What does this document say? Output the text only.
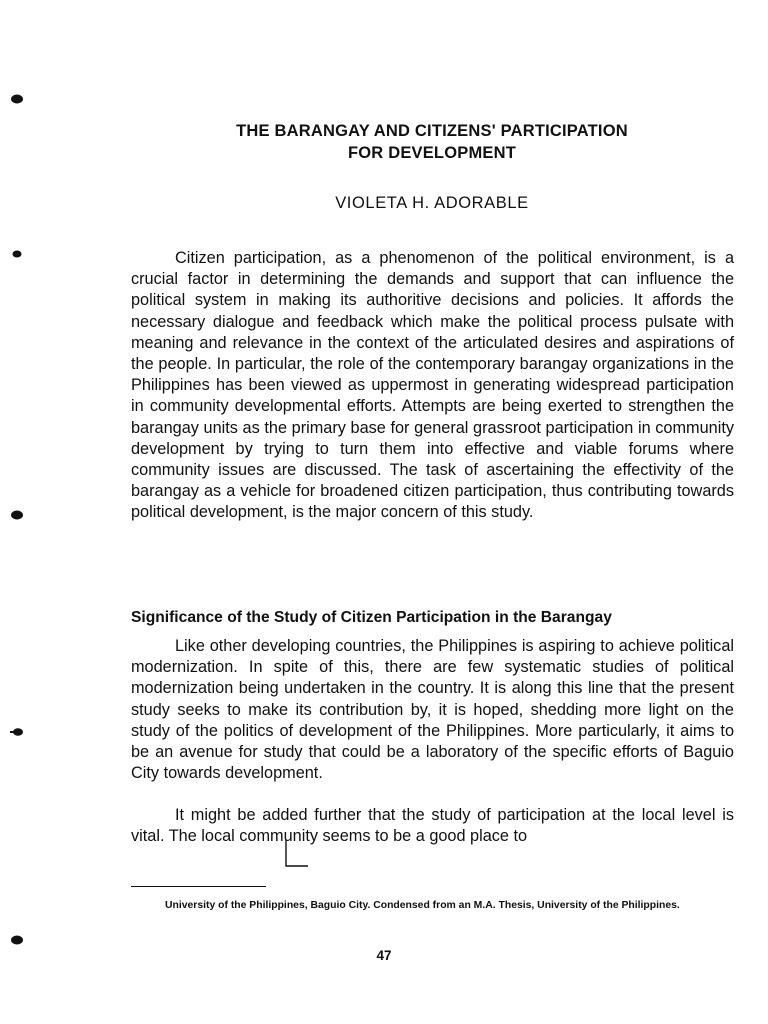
THE BARANGAY AND CITIZENS' PARTICIPATION
FOR DEVELOPMENT
VIOLETA H. ADORABLE
Citizen participation, as a phenomenon of the political environment, is a crucial factor in determining the demands and support that can influence the political system in making its authoritive decisions and policies. It affords the necessary dialogue and feedback which make the political process pulsate with meaning and relevance in the context of the articulated desires and aspirations of the people. In particular, the role of the contemporary barangay organizations in the Philippines has been viewed as uppermost in generating widespread participation in community developmental efforts. Attempts are being exerted to strengthen the barangay units as the primary base for general grassroot participation in community development by trying to turn them into effective and viable forums where community issues are discussed. The task of ascertaining the effectivity of the barangay as a vehicle for broadened citizen participation, thus contributing towards political development, is the major concern of this study.
Significance of the Study of Citizen Participation in the Barangay
Like other developing countries, the Philippines is aspiring to achieve political modernization. In spite of this, there are few systematic studies of political modernization being undertaken in the country. It is along this line that the present study seeks to make its contribution by, it is hoped, shedding more light on the study of the politics of development of the Philippines. More particularly, it aims to be an avenue for study that could be a laboratory of the specific efforts of Baguio City towards development.
It might be added further that the study of participation at the local level is vital. The local community seems to be a good place to
University of the Philippines, Baguio City. Condensed from an M.A. Thesis, University of the Philippines.
47
